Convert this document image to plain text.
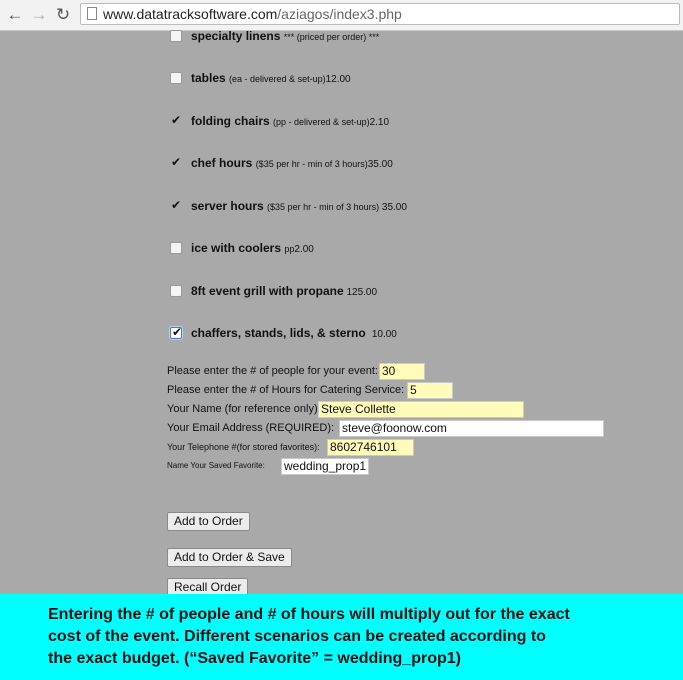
← → ↻ www.datatracksoftware.com/aziagos/index3.php
specialty linens *** (priced per order) ***
tables (ea - delivered & set-up)12.00
✔
folding chairs (pp - delivered & set-up)2.10
✔
chef hours ($35 per hr - min of 3 hours)35.00
✔
server hours ($35 per hr - min of 3 hours) 35.00
ice with coolers pp2.00
8ft event grill with propane 125.00
✔
chaffers, stands, lids, & sterno  10.00
Please enter the # of people for your event: 30
Please enter the # of Hours for Catering Service: 5
Your Name (for reference only) Steve Collette
Your Email Address (REQUIRED): steve@foonow.com
Your Telephone #(for stored favorites): 8602746101
Name Your Saved Favorite: wedding_prop1
Add to Order
Add to Order & Save
Recall Order
Entering the # of people and # of hours will multiply out for the exact
cost of the event. Different scenarios can be created according to
the exact budget. (“Saved Favorite” = wedding_prop1)
